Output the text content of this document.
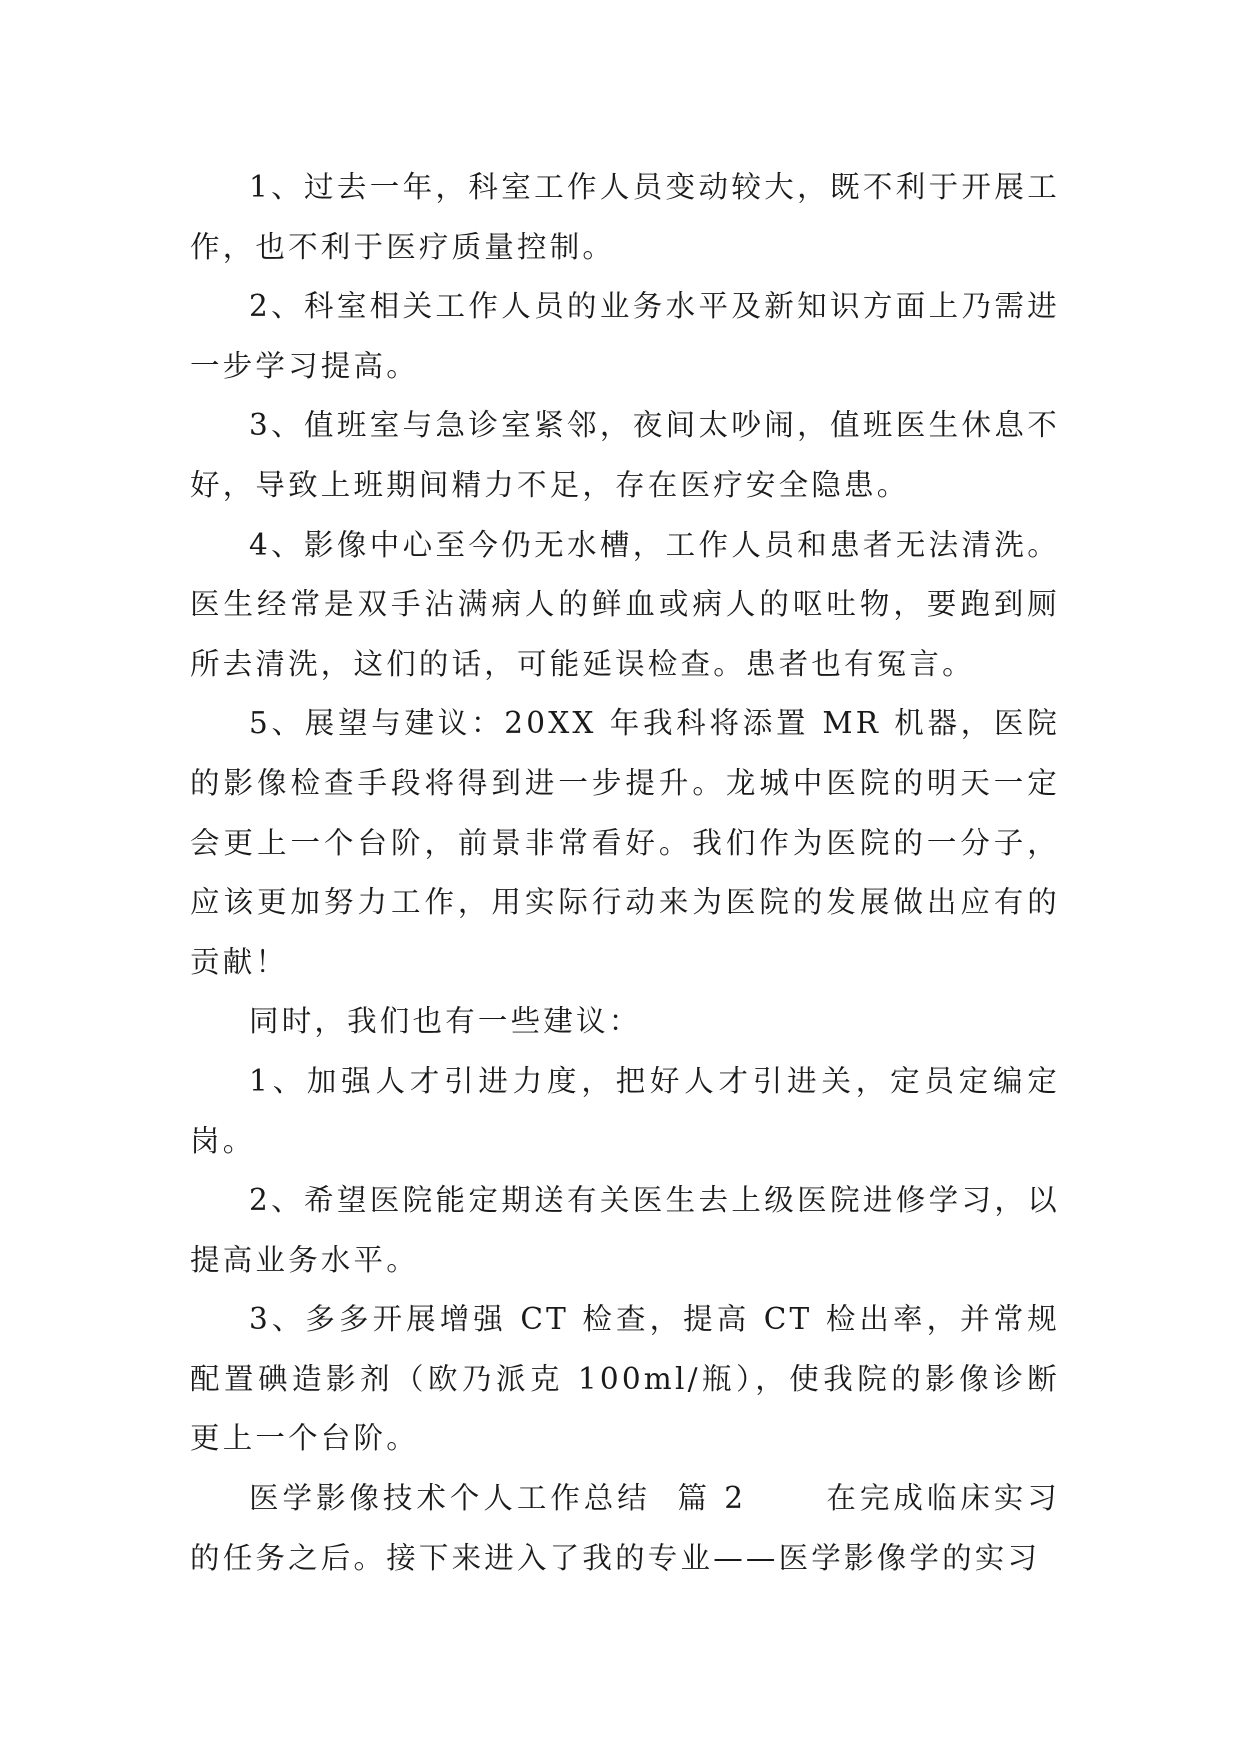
1、过去一年，科室工作人员变动较大，既不利于开展工作，也不利于医疗质量控制。

2、科室相关工作人员的业务水平及新知识方面上乃需进一步学习提高。

3、值班室与急诊室紧邻，夜间太吵闹，值班医生休息不好，导致上班期间精力不足，存在医疗安全隐患。

4、影像中心至今仍无水槽，工作人员和患者无法清洗。医生经常是双手沾满病人的鲜血或病人的呕吐物，要跑到厕所去清洗，这们的话，可能延误检查。患者也有冤言。

5、展望与建议：20XX 年我科将添置 MR 机器，医院的影像检查手段将得到进一步提升。龙城中医院的明天一定会更上一个台阶，前景非常看好。我们作为医院的一分子，应该更加努力工作，用实际行动来为医院的发展做出应有的贡献！

同时，我们也有一些建议：

1、加强人才引进力度，把好人才引进关，定员定编定岗。

2、希望医院能定期送有关医生去上级医院进修学习，以提高业务水平。

3、多多开展增强 CT 检查，提高 CT 检出率，并常规配置碘造影剂（欧乃派克 100ml/瓶），使我院的影像诊断更上一个台阶。

医学影像技术个人工作总结  篇 2      在完成临床实习的任务之后。接下来进入了我的专业——医学影像学的实习
